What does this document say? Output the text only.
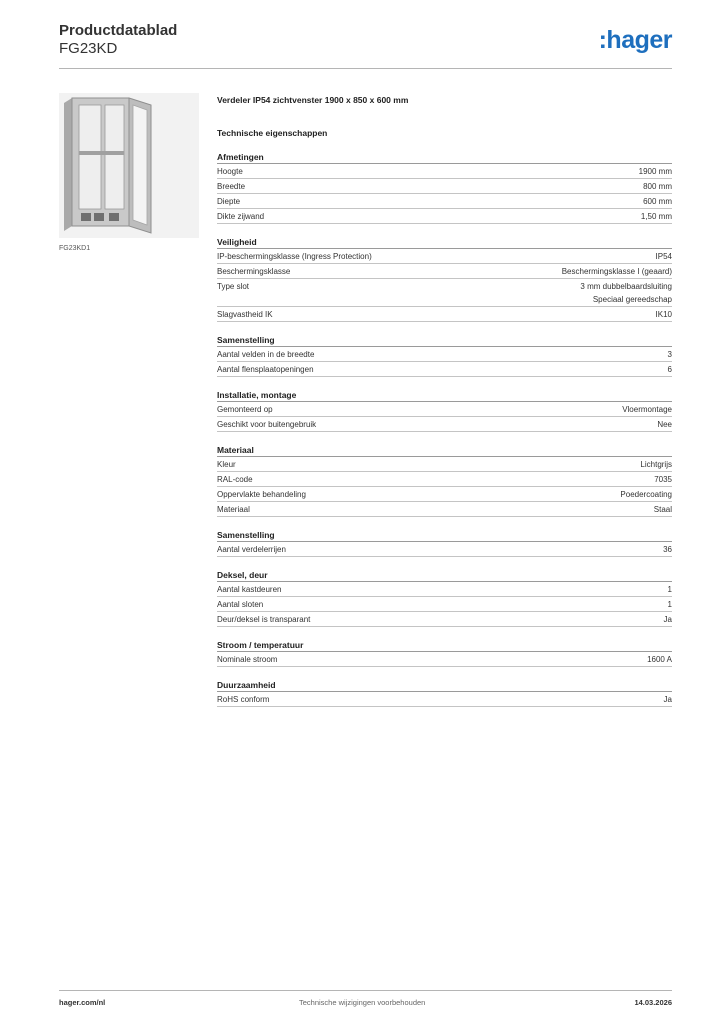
Productdatablad
FG23KD	:hager
FG23KD1
Verdeler IP54 zichtvenster 1900 x 850 x 600 mm
Technische eigenschappen
Afmetingen
Hoogte	1900 mm
Breedte	800 mm
Diepte	600 mm
Dikte zijwand	1,50 mm
Veiligheid
IP-beschermingsklasse (Ingress Protection)	IP54
Beschermingsklasse	Beschermingsklasse I (geaard)
Type slot	3 mm dubbelbaardsluiting
Speciaal gereedschap
Slagvastheid IK	IK10
Samenstelling
Aantal velden in de breedte	3
Aantal flensplaatopeningen	6
Installatie, montage
Gemonteerd op	Vloermontage
Geschikt voor buitengebruik	Nee
Materiaal
Kleur	Lichtgrijs
RAL-code	7035
Oppervlakte behandeling	Poedercoating
Materiaal	Staal
Samenstelling
Aantal verdelerrijen	36
Deksel, deur
Aantal kastdeuren	1
Aantal sloten	1
Deur/deksel is transparant	Ja
Stroom / temperatuur
Nominale stroom	1600 A
Duurzaamheid
RoHS conform	Ja
hager.com/nl	Technische wijzigingen voorbehouden	14.03.2026
